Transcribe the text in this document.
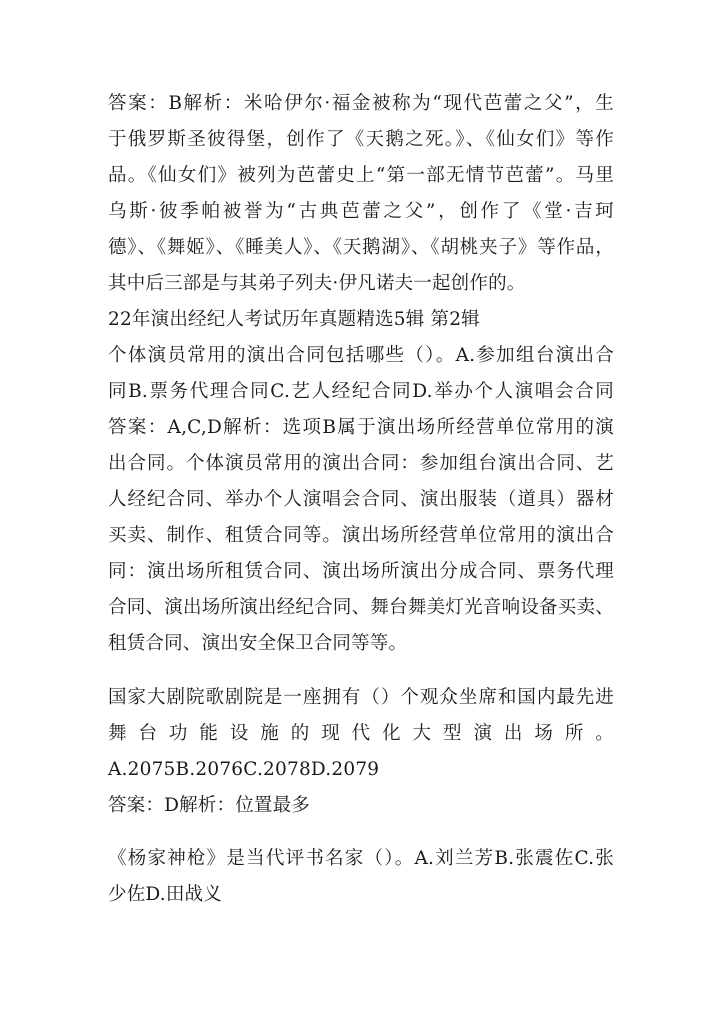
答案：B解析：米哈伊尔·福金被称为“现代芭蕾之父”，生
于俄罗斯圣彼得堡，创作了《天鹅之死。》、《仙女们》等作
品。《仙女们》被列为芭蕾史上“第一部无情节芭蕾”。马里
乌斯·彼季帕被誉为“古典芭蕾之父”，创作了《堂·吉珂
德》、《舞姬》、《睡美人》、《天鹅湖》、《胡桃夹子》等作品，
其中后三部是与其弟子列夫·伊凡诺夫一起创作的。
22年演出经纪人考试历年真题精选5辑 第2辑
个体演员常用的演出合同包括哪些（）。A.参加组台演出合
同B.票务代理合同C.艺人经纪合同D.举办个人演唱会合同
答案：A,C,D解析：选项B属于演出场所经营单位常用的演
出合同。个体演员常用的演出合同：参加组台演出合同、艺
人经纪合同、举办个人演唱会合同、演出服装（道具）器材
买卖、制作、租赁合同等。演出场所经营单位常用的演出合
同：演出场所租赁合同、演出场所演出分成合同、票务代理
合同、演出场所演出经纪合同、舞台舞美灯光音响设备买卖、
租赁合同、演出安全保卫合同等等。
国家大剧院歌剧院是一座拥有（）个观众坐席和国内最先进
舞台功能设施的现代化大型演出场所。
A.2075B.2076C.2078D.2079
答案：D解析：位置最多
《杨家神枪》是当代评书名家（）。A.刘兰芳B.张震佐C.张
少佐D.田战义
